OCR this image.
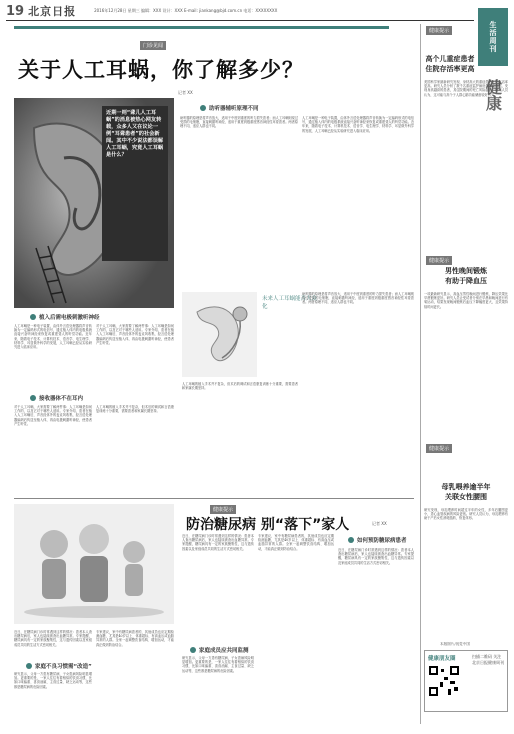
19 北京日报	2016年12月28日 星期三 编辑：XXX 设计：XXX E-mail: jiankang@bjd.com.cn 电话：XXXXXXXX
生活周刊
健康
门诊见闻
关于人工耳蜗，你了解多少？
记者 XX
近期一则“聋儿人工耳蜗”的消息被热心网友转载，众多人又在议论一例“耳聋患者”的社会新闻。其中不少说法都误解人工耳蜗，究竟人工耳蜗是什么？
助听器辅听原理不同
助听器的原理是将声音放大，适用于中度到重度的听力损失患者；而人工耳蜗则绕过受损的毛细胞，直接刺激听神经，适用于重度到极重度感音神经性耳聋患者。两者原理不同，适应人群也不同。
人工耳蜗是一种电子装置，由体外言语处理器将声音转换为一定编码形式的电信号，通过植入体内的电极系统直接兴奋听神经来恢复或重建聋人的听觉功能。近年来，随着电子技术、计算机技术、语音学、电生理学、材料学、耳显微外科学的发展，人工耳蜗已经从实验研究进入临床应用。
植入后需电极刺激听神经
人工耳蜗是一种电子装置，由体外言语处理器将声音转换为一定编码形式的电信号，通过植入体内的电极系统直接兴奋听神经来恢复或重建聋人的听觉功能。近年来，随着电子技术、计算机技术、语音学、电生理学、材料学、耳显微外科学的发展，人工耳蜗已经从实验研究进入临床应用。
对于人工耳蜗，大家需要了解两件事：人工耳蜗是如何工作的，以及它对于哪些人适用。专家介绍，患者在植入人工耳蜗后，声音经体外的麦克风收集，经言语处理器编码后传送至植入体，再由电极刺激听神经，使患者产生听觉。
接收器体不在耳内
对于人工耳蜗，大家需要了解两件事：人工耳蜗是如何工作的，以及它对于哪些人适用。专家介绍，患者在植入人工耳蜗后，声音经体外的麦克风收集，经言语处理器编码后传送至植入体，再由电极刺激听神经，使患者产生听觉。
人工耳蜗的植入手术并不复杂，但术后的调试和言语康复训练十分重要，需要患者和家属长期坚持。
未来人工耳蜗能否大众化
人工耳蜗的植入手术并不复杂，但术后的调试和言语康复训练十分重要，需要患者和家属长期坚持。
助听器的原理是将声音放大，适用于中度到重度的听力损失患者；而人工耳蜗则绕过受损的毛细胞，直接刺激听神经，适用于重度到极重度感音神经性耳聋患者。两者原理不同，适应人群也不同。
健康提示
防治糖尿病 别“落下”家人	记者 XX
近日，在糖尿病门诊时常遇到这样的情况：患者本人查出糖尿病后，家人也陆续被查出血糖异常。专家提醒，糖尿病具有一定的家族聚集性，这与遗传因素以及家庭成员共同的生活方式密切相关。
家庭不良习惯需“改造”
研究显示，父母一方患有糖尿病，子女患病风险明显增加。更重要的是，一家人往往有着相似的饮食习惯，比如口味偏重、喜食油腻、主食过量、缺乏运动等，这些都是糖尿病的危险因素。
专家建议，家中有糖尿病患者的，其他成员也应定期检测血糖，尤其是40岁以上、体重超标、有高血压或血脂异常的人群。全家一起调整饮食结构、增加运动，才能真正做到防治结合。
近日，在糖尿病门诊时常遇到这样的情况：患者本人查出糖尿病后，家人也陆续被查出血糖异常。专家提醒，糖尿病具有一定的家族聚集性，这与遗传因素以及家庭成员共同的生活方式密切相关。
家庭成员应共同监测
研究显示，父母一方患有糖尿病，子女患病风险明显增加。更重要的是，一家人往往有着相似的饮食习惯，比如口味偏重、喜食油腻、主食过量、缺乏运动等，这些都是糖尿病的危险因素。
专家建议，家中有糖尿病患者的，其他成员也应定期检测血糖，尤其是40岁以上、体重超标、有高血压或血脂异常的人群。全家一起调整饮食结构、增加运动，才能真正做到防治结合。
如何预防糖尿病患者
近日，在糖尿病门诊时常遇到这样的情况：患者本人查出糖尿病后，家人也陆续被查出血糖异常。专家提醒，糖尿病具有一定的家族聚集性，这与遗传因素以及家庭成员共同的生活方式密切相关。
健康提示
高个儿重症患者
住院存活率更高
美国科学家最新研究发现，身材高大的重症患者住院存活率更高。研究人员分析了数千名重症监护病房患者的数据，发现身高越高的患者，其住院期间的死亡风险越低。研究人员认为，这可能与高个子人群心肺功能储备较好有关。
健康提示
男性晚间锻炼
有助于降血压
一项最新研究显示，高血压男性晚间进行锻炼，降压效果比早晨锻炼更好。研究人员让受试者分别在早晨和晚间进行有氧运动，结果发现晚间锻炼后血压下降幅度更大，且效果持续时间更长。
健康提示
母乳喂养逾半年
关联女性腰围
研究发现，母乳喂养时间超过半年的女性，多年后腰围更小，患心血管疾病的风险更低。研究人员认为，母乳喂养有助于产后女性消耗脂肪，恢复体形。
本版图片/视觉中国
健康朋友圈	扫描二维码 关注北京日报健康周刊
